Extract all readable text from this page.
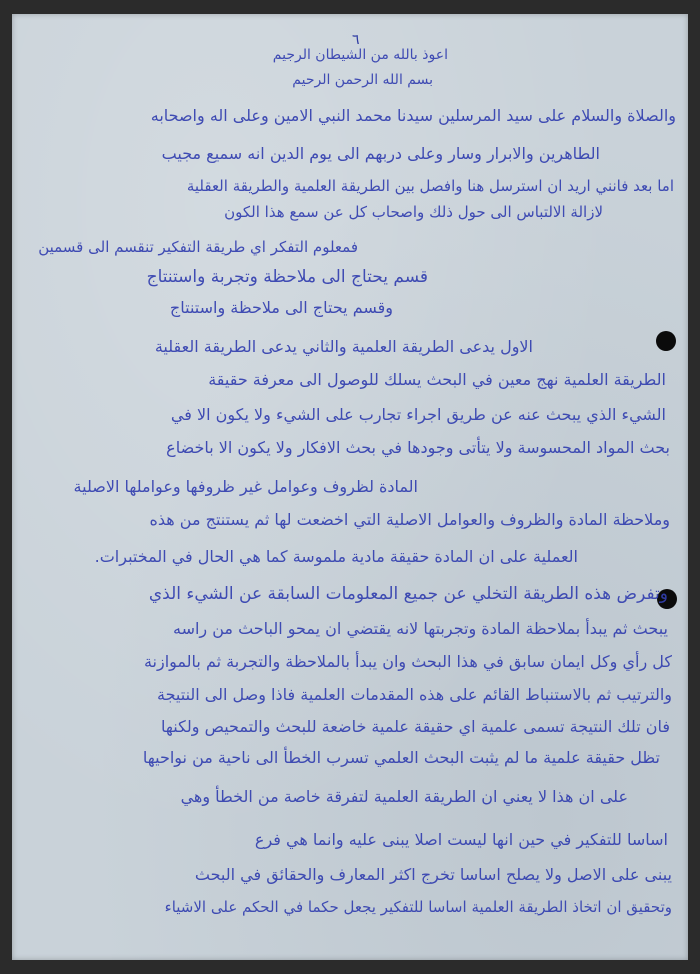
٦
اعوذ بالله من الشيطان الرجيم
بسم الله الرحمن الرحيم
والصلاة والسلام على سيد المرسلين سيدنا محمد النبي الامين وعلى اله واصحابه
الطاهرين والابرار وسار وعلى دربهم الى يوم الدين انه سميع مجيب
اما بعد فانني اريد ان استرسل هنا وافصل بين الطريقة العلمية والطريقة العقلية
لازالة الالتباس الى حول ذلك واصحاب كل عن سمع هذا الكون
فمعلوم التفكر اي طريقة التفكير تنقسم الى قسمين
قسم يحتاج الى ملاحظة وتجربة واستنتاج
وقسم يحتاج الى ملاحظة واستنتاج
الاول يدعى الطريقة العلمية والثاني يدعى الطريقة العقلية
الطريقة العلمية نهج معين في البحث يسلك للوصول الى معرفة حقيقة
الشيء الذي يبحث عنه عن طريق اجراء تجارب على الشيء ولا يكون الا في
بحث المواد المحسوسة ولا يتأتى وجودها في بحث الافكار ولا يكون الا باخضاع
المادة لظروف وعوامل غير ظروفها وعواملها الاصلية
وملاحظة المادة والظروف والعوامل الاصلية التي اخضعت لها ثم يستنتج من هذه
العملية على ان المادة حقيقة مادية ملموسة كما هي الحال في المختبرات.
وتفرض هذه الطريقة التخلي عن جميع المعلومات السابقة عن الشيء الذي
يبحث ثم يبدأ بملاحظة المادة وتجربتها لانه يقتضي ان يمحو الباحث من راسه
كل رأي وكل ايمان سابق في هذا البحث وان يبدأ بالملاحظة والتجربة ثم بالموازنة
والترتيب ثم بالاستنباط القائم على هذه المقدمات العلمية فاذا وصل الى النتيجة
فان تلك النتيجة تسمى علمية اي حقيقة علمية خاضعة للبحث والتمحيص ولكنها
تظل حقيقة علمية ما لم يثبت البحث العلمي تسرب الخطأ الى ناحية من نواحيها
على ان هذا لا يعني ان الطريقة العلمية لتفرقة خاصة من الخطأ وهي
اساسا للتفكير في حين انها ليست اصلا يبنى عليه وانما هي فرع
يبنى على الاصل ولا يصلح اساسا تخرج اكثر المعارف والحقائق في البحث
وتحقيق ان اتخاذ الطريقة العلمية اساسا للتفكير يجعل حكما في الحكم على الاشياء
